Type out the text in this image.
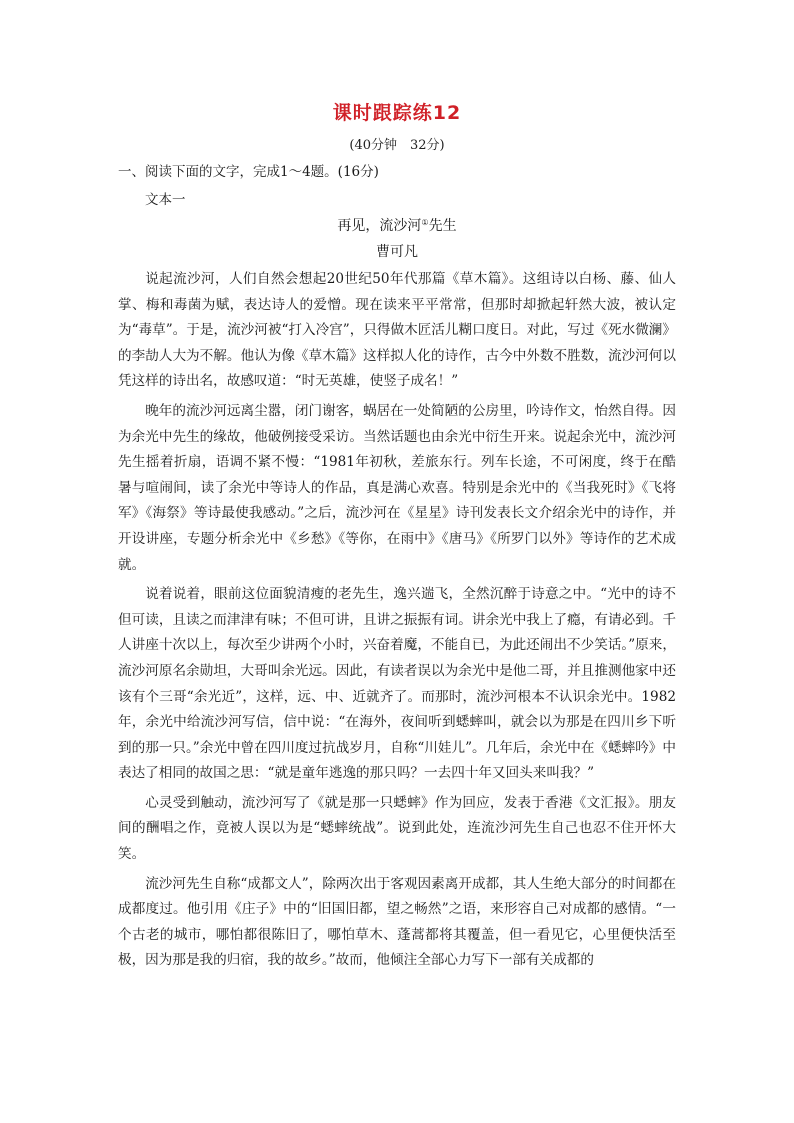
课时跟踪练12
(40分钟　32分)
一、阅读下面的文字，完成1～4题。(16分)
文本一
再见，流沙河①先生
曹可凡

说起流沙河，人们自然会想起20世纪50年代那篇《草木篇》。这组诗以白杨、藤、仙人掌、梅和毒菌为赋，表达诗人的爱憎。现在读来平平常常，但那时却掀起轩然大波，被认定为“毒草”。于是，流沙河被“打入冷宫”，只得做木匠活儿糊口度日。对此，写过《死水微澜》的李劼人大为不解。他认为像《草木篇》这样拟人化的诗作，古今中外数不胜数，流沙河何以凭这样的诗出名，故感叹道：“时无英雄，使竖子成名！”

晚年的流沙河远离尘嚣，闭门谢客，蜗居在一处简陋的公房里，吟诗作文，怡然自得。因为余光中先生的缘故，他破例接受采访。当然话题也由余光中衍生开来。说起余光中，流沙河先生摇着折扇，语调不紧不慢：“1981年初秋，差旅东行。列车长途，不可闲度，终于在酷暑与喧闹间，读了余光中等诗人的作品，真是满心欢喜。特别是余光中的《当我死时》《飞将军》《海祭》等诗最使我感动。”之后，流沙河在《星星》诗刊发表长文介绍余光中的诗作，并开设讲座，专题分析余光中《乡愁》《等你，在雨中》《唐马》《所罗门以外》等诗作的艺术成就。

说着说着，眼前这位面貌清瘦的老先生，逸兴遄飞，全然沉醉于诗意之中。“光中的诗不但可读，且读之而津津有味；不但可讲，且讲之振振有词。讲余光中我上了瘾，有请必到。千人讲座十次以上，每次至少讲两个小时，兴奋着魔，不能自已，为此还闹出不少笑话。”原来，流沙河原名余勋坦，大哥叫余光远。因此，有读者误以为余光中是他二哥，并且推测他家中还该有个三哥“余光近”，这样，远、中、近就齐了。而那时，流沙河根本不认识余光中。1982年，余光中给流沙河写信，信中说：“在海外，夜间听到蟋蟀叫，就会以为那是在四川乡下听到的那一只。”余光中曾在四川度过抗战岁月，自称“川娃儿”。几年后，余光中在《蟋蟀吟》中表达了相同的故国之思：“就是童年逃逸的那只吗？一去四十年又回头来叫我？”

心灵受到触动，流沙河写了《就是那一只蟋蟀》作为回应，发表于香港《文汇报》。朋友间的酬唱之作，竟被人误以为是“蟋蟀统战”。说到此处，连流沙河先生自己也忍不住开怀大笑。

流沙河先生自称“成都文人”，除两次出于客观因素离开成都，其人生绝大部分的时间都在成都度过。他引用《庄子》中的“旧国旧都，望之畅然”之语，来形容自己对成都的感情。“一个古老的城市，哪怕都很陈旧了，哪怕草木、蓬蒿都将其覆盖，但一看见它，心里便快活至极，因为那是我的归宿，我的故乡。”故而，他倾注全部心力写下一部有关成都的
